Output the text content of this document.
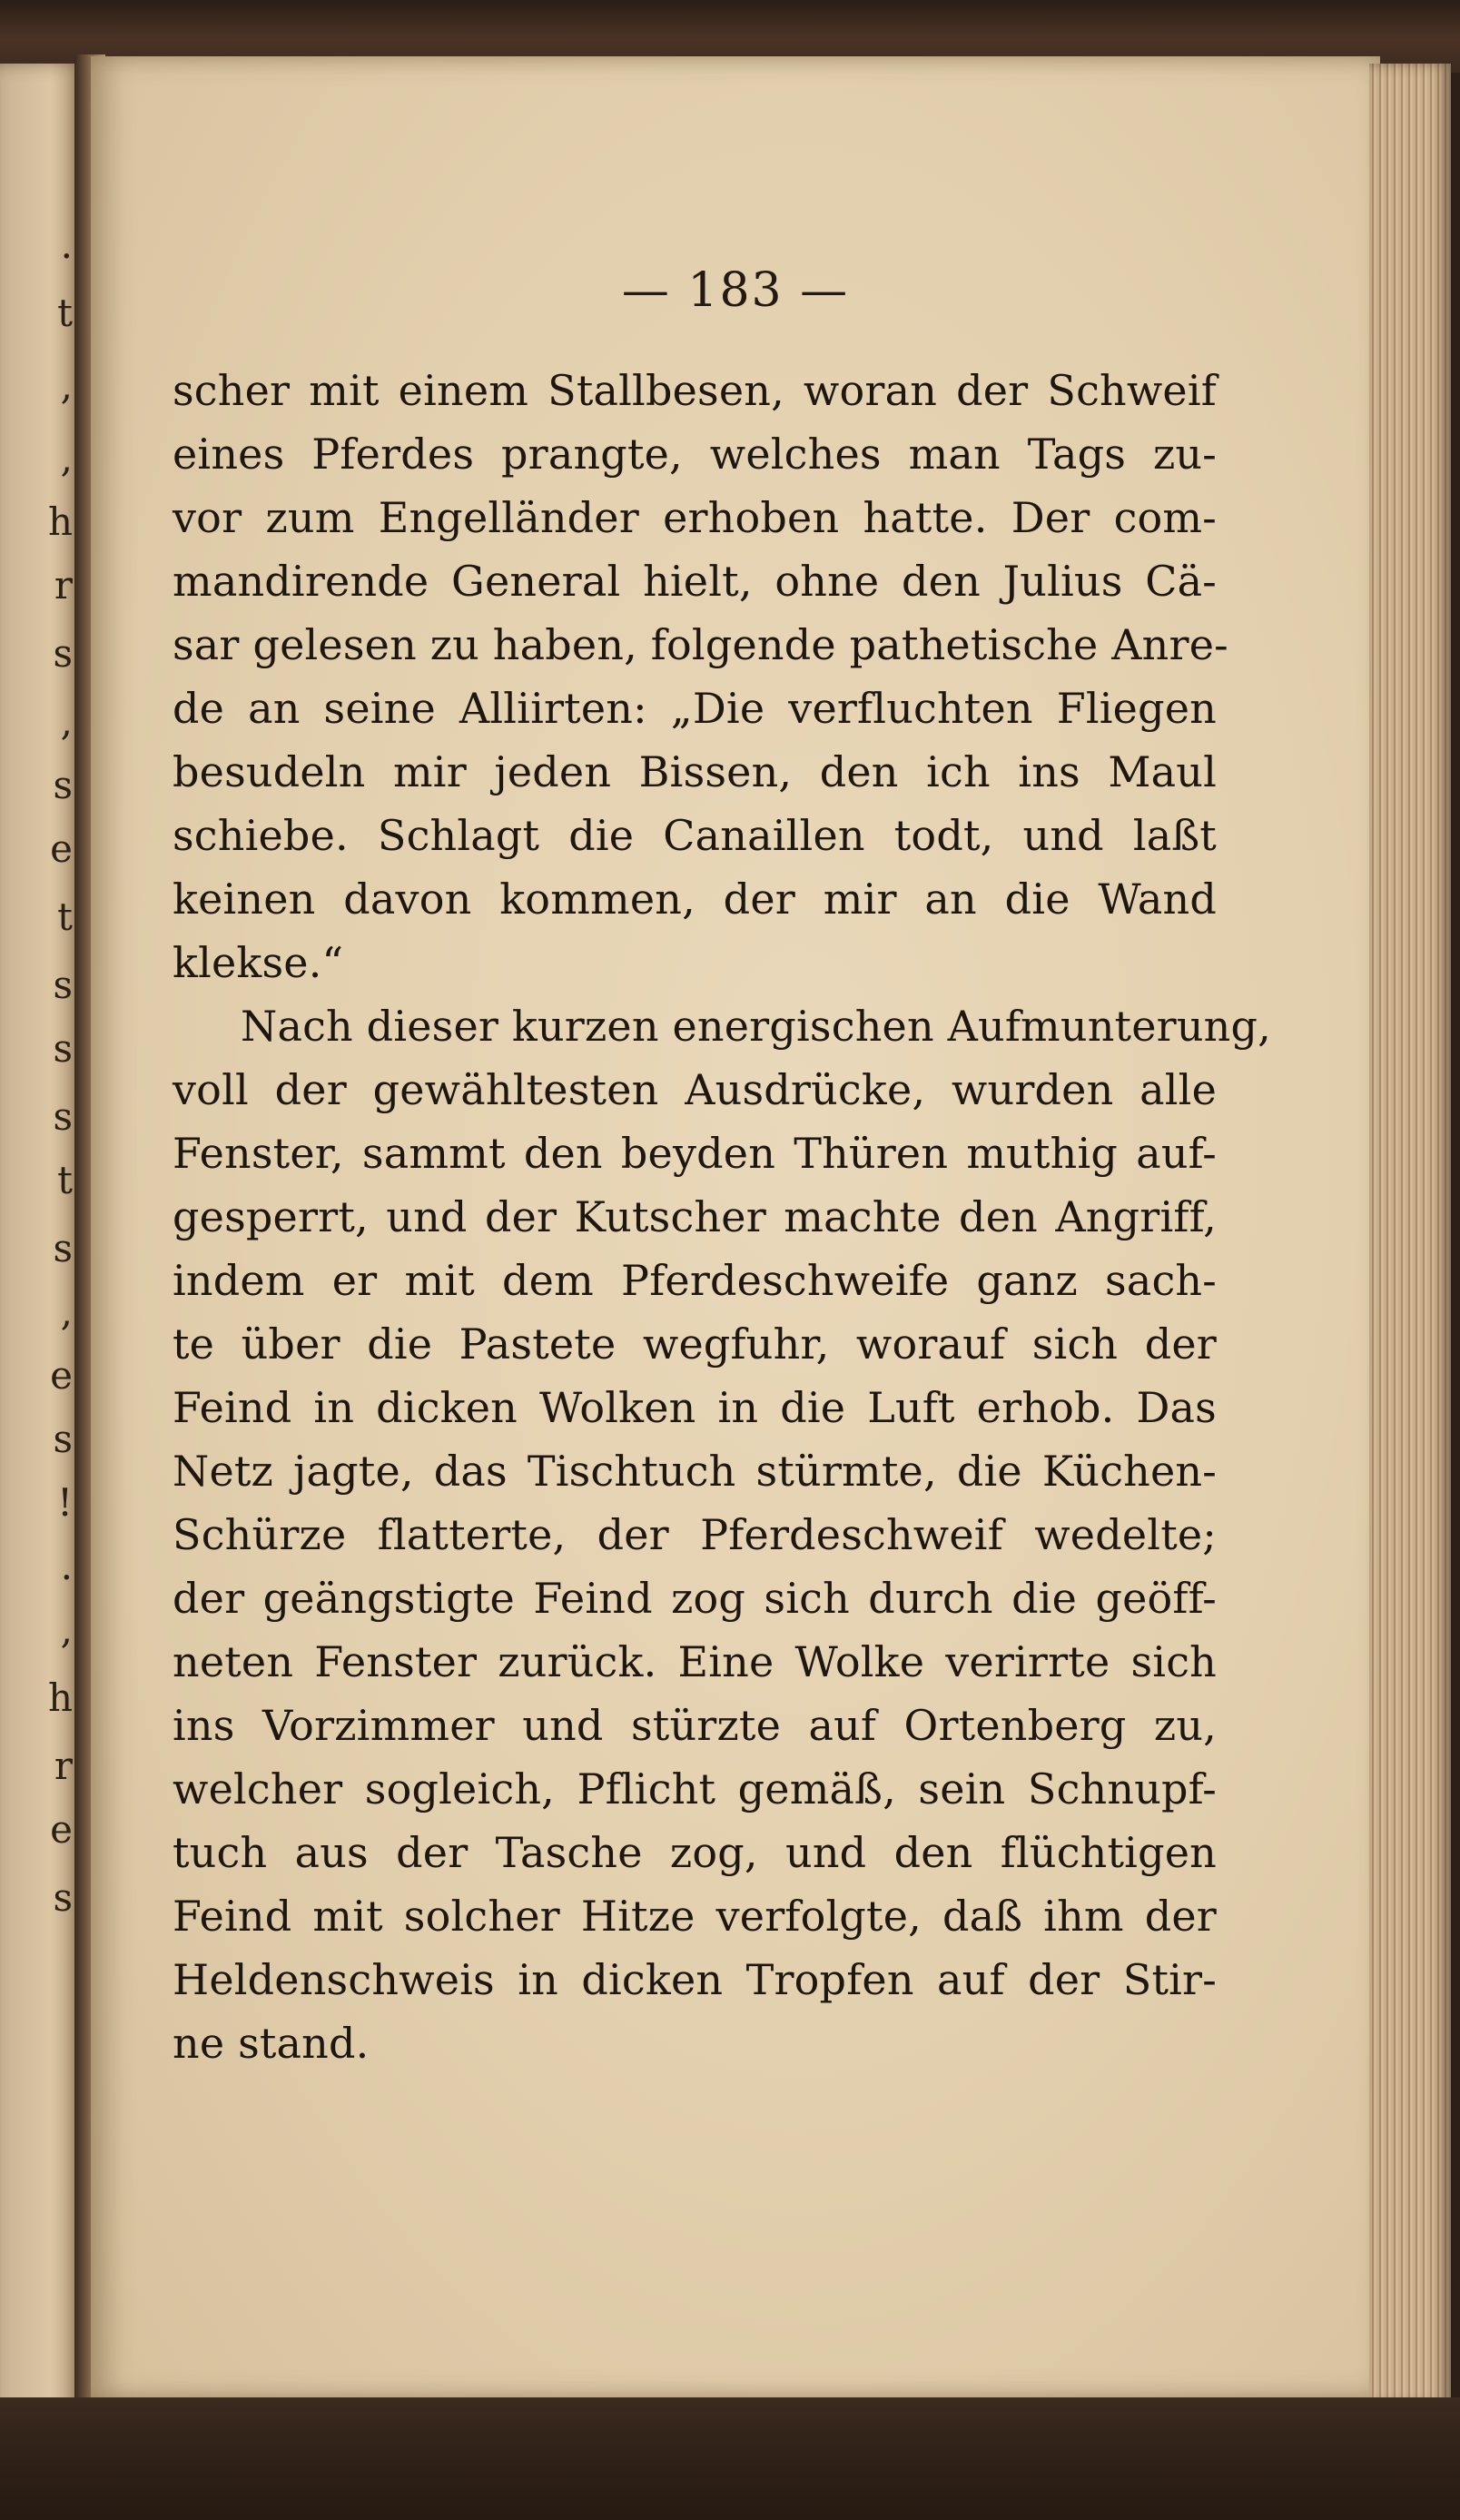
.
t
,
,
h
r
s
,
s
e
t
s
s
s
t
s
,
e
s
!
.
,
h
r
e
s
— 183 —
scher mit einem Stallbesen, woran der Schweif
eines Pferdes prangte, welches man Tags zu-
vor zum Engelländer erhoben hatte. Der com-
mandirende General hielt, ohne den Julius Cä-
sar gelesen zu haben, folgende pathetische Anre-
de an seine Alliirten: „Die verfluchten Fliegen
besudeln mir jeden Bissen, den ich ins Maul
schiebe. Schlagt die Canaillen todt, und laßt
keinen davon kommen, der mir an die Wand
klekse.“
Nach dieser kurzen energischen Aufmunterung,
voll der gewähltesten Ausdrücke, wurden alle
Fenster, sammt den beyden Thüren muthig auf-
gesperrt, und der Kutscher machte den Angriff,
indem er mit dem Pferdeschweife ganz sach-
te über die Pastete wegfuhr, worauf sich der
Feind in dicken Wolken in die Luft erhob. Das
Netz jagte, das Tischtuch stürmte, die Küchen-
Schürze flatterte, der Pferdeschweif wedelte;
der geängstigte Feind zog sich durch die geöff-
neten Fenster zurück. Eine Wolke verirrte sich
ins Vorzimmer und stürzte auf Ortenberg zu,
welcher sogleich, Pflicht gemäß, sein Schnupf-
tuch aus der Tasche zog, und den flüchtigen
Feind mit solcher Hitze verfolgte, daß ihm der
Heldenschweis in dicken Tropfen auf der Stir-
ne stand.
